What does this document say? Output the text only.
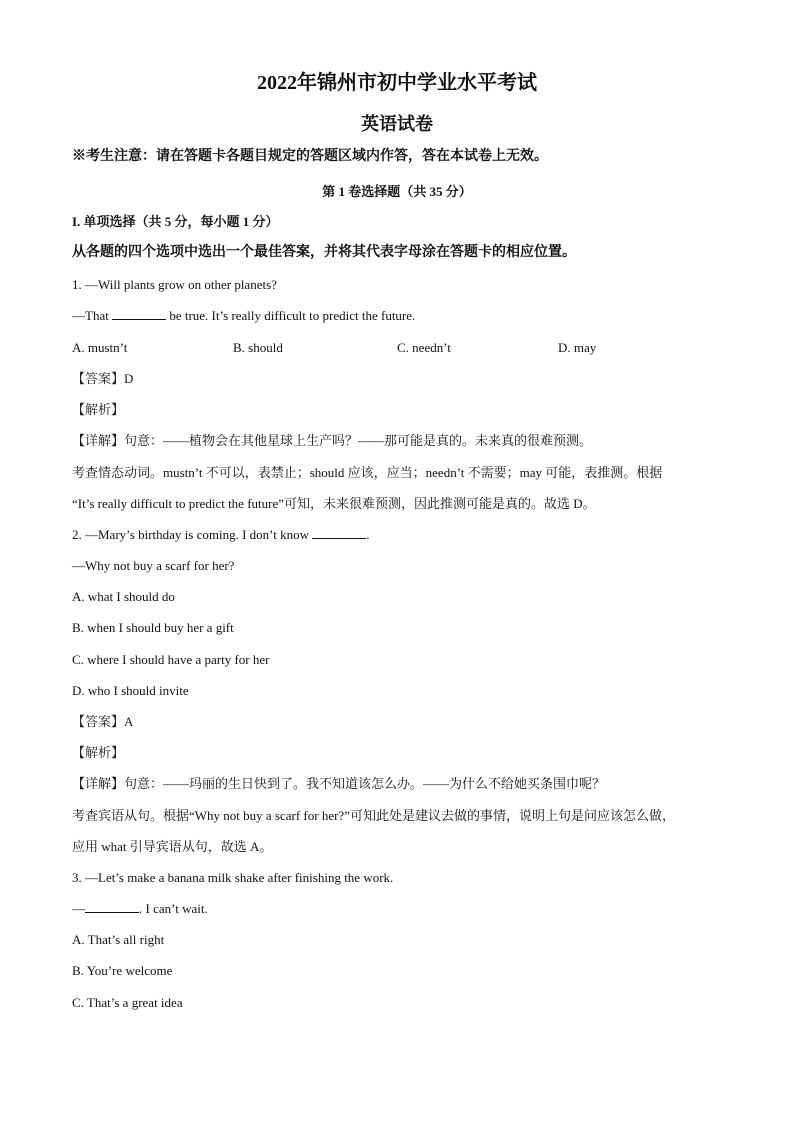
2022年锦州市初中学业水平考试
英语试卷
※考生注意：请在答题卡各题目规定的答题区域内作答，答在本试卷上无效。
第 1 卷选择题（共 35 分）
I. 单项选择（共 5 分，每小题 1 分）
从各题的四个选项中选出一个最佳答案，并将其代表字母涂在答题卡的相应位置。
1. —Will plants grow on other planets?
—That	be true. It’s really difficult to predict the future.
A. mustn’t	B. should	C. needn’t	D. may
【答案】D
【解析】
【详解】句意：——植物会在其他星球上生产吗？——那可能是真的。未来真的很难预测。
考查情态动词。mustn’t 不可以，表禁止；should 应该，应当；needn’t 不需要；may 可能，表推测。根据
“It’s really difficult to predict the future”可知，未来很难预测，因此推测可能是真的。故选 D。
2. —Mary’s birthday is coming. I don’t know	.
—Why not buy a scarf for her?
A. what I should do
B. when I should buy her a gift
C. where I should have a party for her
D. who I should invite
【答案】A
【解析】
【详解】句意：——玛丽的生日快到了。我不知道该怎么办。——为什么不给她买条围巾呢？
考查宾语从句。根据“Why not buy a scarf for her?”可知此处是建议去做的事情，说明上句是问应该怎么做，
应用 what 引导宾语从句，故选 A。
3. —Let’s make a banana milk shake after finishing the work.
—	. I can’t wait.
A. That’s all right
B. You’re welcome
C. That’s a great idea
